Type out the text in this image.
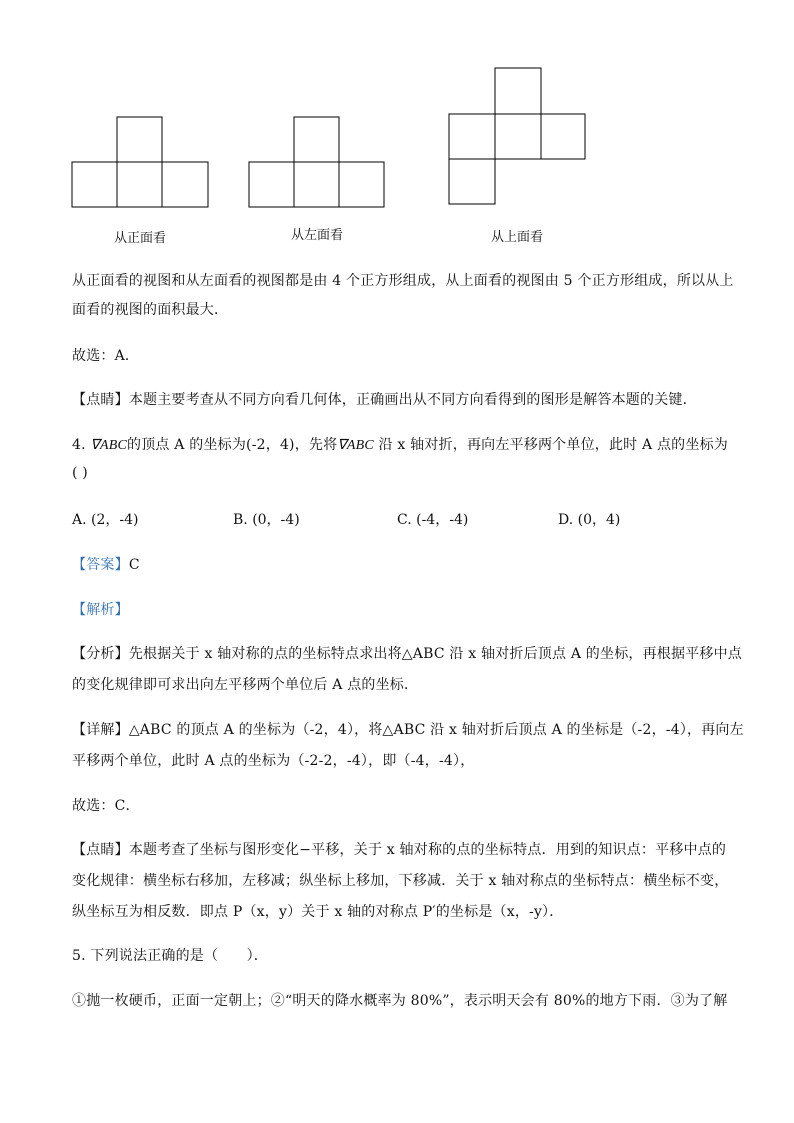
从正面看	从左面看	从上面看
从正面看的视图和从左面看的视图都是由 4 个正方形组成，从上面看的视图由 5 个正方形组成，所以从上
面看的视图的面积最大．
故选：A．
【点睛】本题主要考查从不同方向看几何体，正确画出从不同方向看得到的图形是解答本题的关键．
4. ∇ABC的顶点 A 的坐标为(-2，4)，先将∇ABC 沿 x 轴对折，再向左平移两个单位，此时 A 点的坐标为
( )
A. (2，-4)	B. (0，-4)	C. (-4，-4)	D. (0，4)
【答案】C
【解析】
【分析】先根据关于 x 轴对称的点的坐标特点求出将△ABC 沿 x 轴对折后顶点 A 的坐标，再根据平移中点
的变化规律即可求出向左平移两个单位后 A 点的坐标．
【详解】△ABC 的顶点 A 的坐标为（-2，4），将△ABC 沿 x 轴对折后顶点 A 的坐标是（-2，-4），再向左
平移两个单位，此时 A 点的坐标为（-2-2，-4），即（-4，-4），
故选：C．
【点睛】本题考查了坐标与图形变化−平移，关于 x 轴对称的点的坐标特点．用到的知识点：平移中点的
变化规律：横坐标右移加，左移减；纵坐标上移加，下移减．关于 x 轴对称点的坐标特点：横坐标不变，
纵坐标互为相反数．即点 P（x，y）关于 x 轴的对称点 P′的坐标是（x，-y）．
5. 下列说法正确的是（　　）．
①抛一枚硬币，正面一定朝上；②“明天的降水概率为 80%”，表示明天会有 80%的地方下雨．③为了解
